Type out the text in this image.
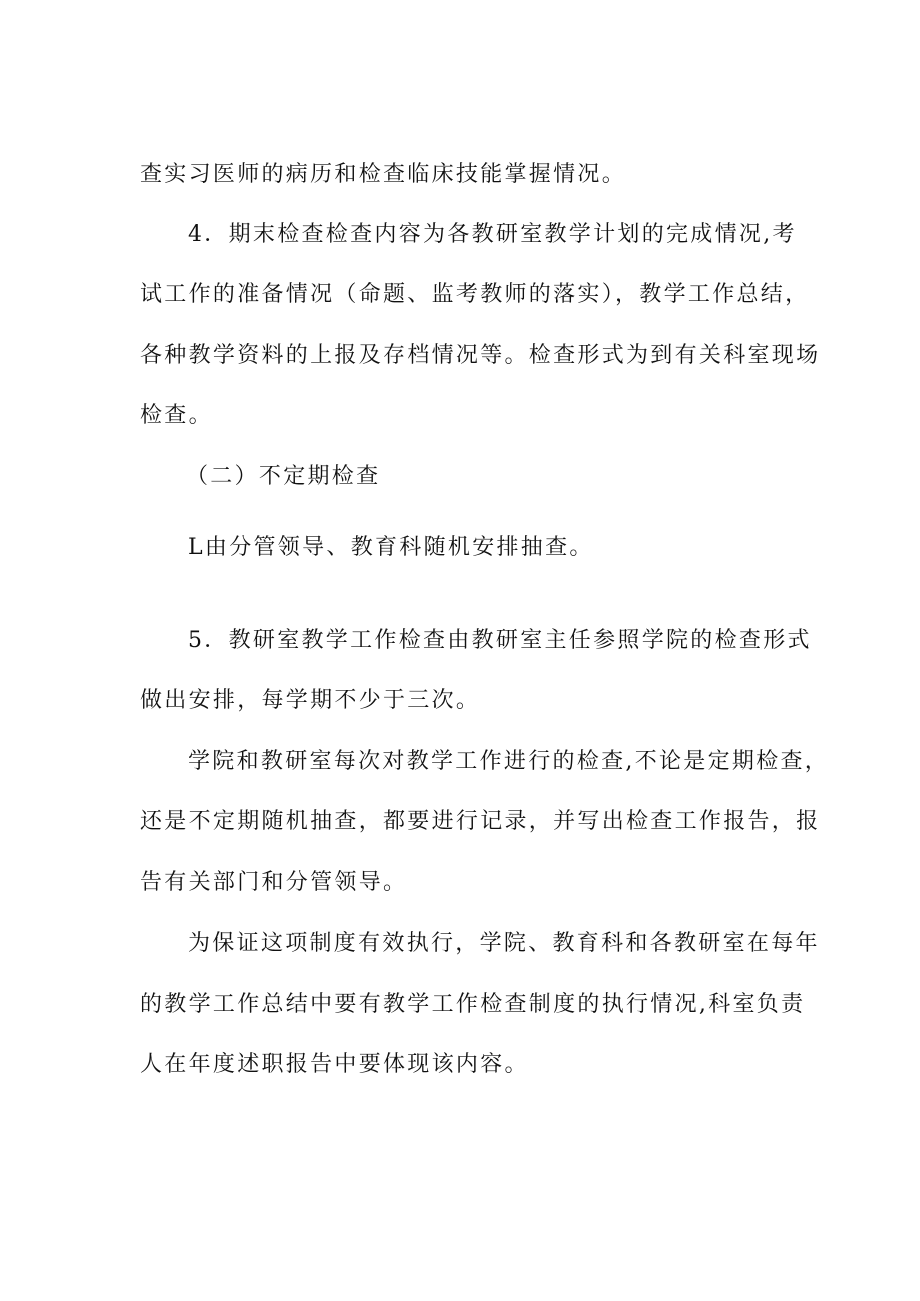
查实习医师的病历和检查临床技能掌握情况。
4．期末检查检查内容为各教研室教学计划的完成情况,考
试工作的准备情况（命题、监考教师的落实），教学工作总结，
各种教学资料的上报及存档情况等。检查形式为到有关科室现场
检查。
（二）不定期检查
L由分管领导、教育科随机安排抽查。
5．教研室教学工作检查由教研室主任参照学院的检查形式
做出安排，每学期不少于三次。
学院和教研室每次对教学工作进行的检查,不论是定期检查，
还是不定期随机抽查，都要进行记录，并写出检查工作报告，报
告有关部门和分管领导。
为保证这项制度有效执行，学院、教育科和各教研室在每年
的教学工作总结中要有教学工作检查制度的执行情况,科室负责
人在年度述职报告中要体现该内容。
